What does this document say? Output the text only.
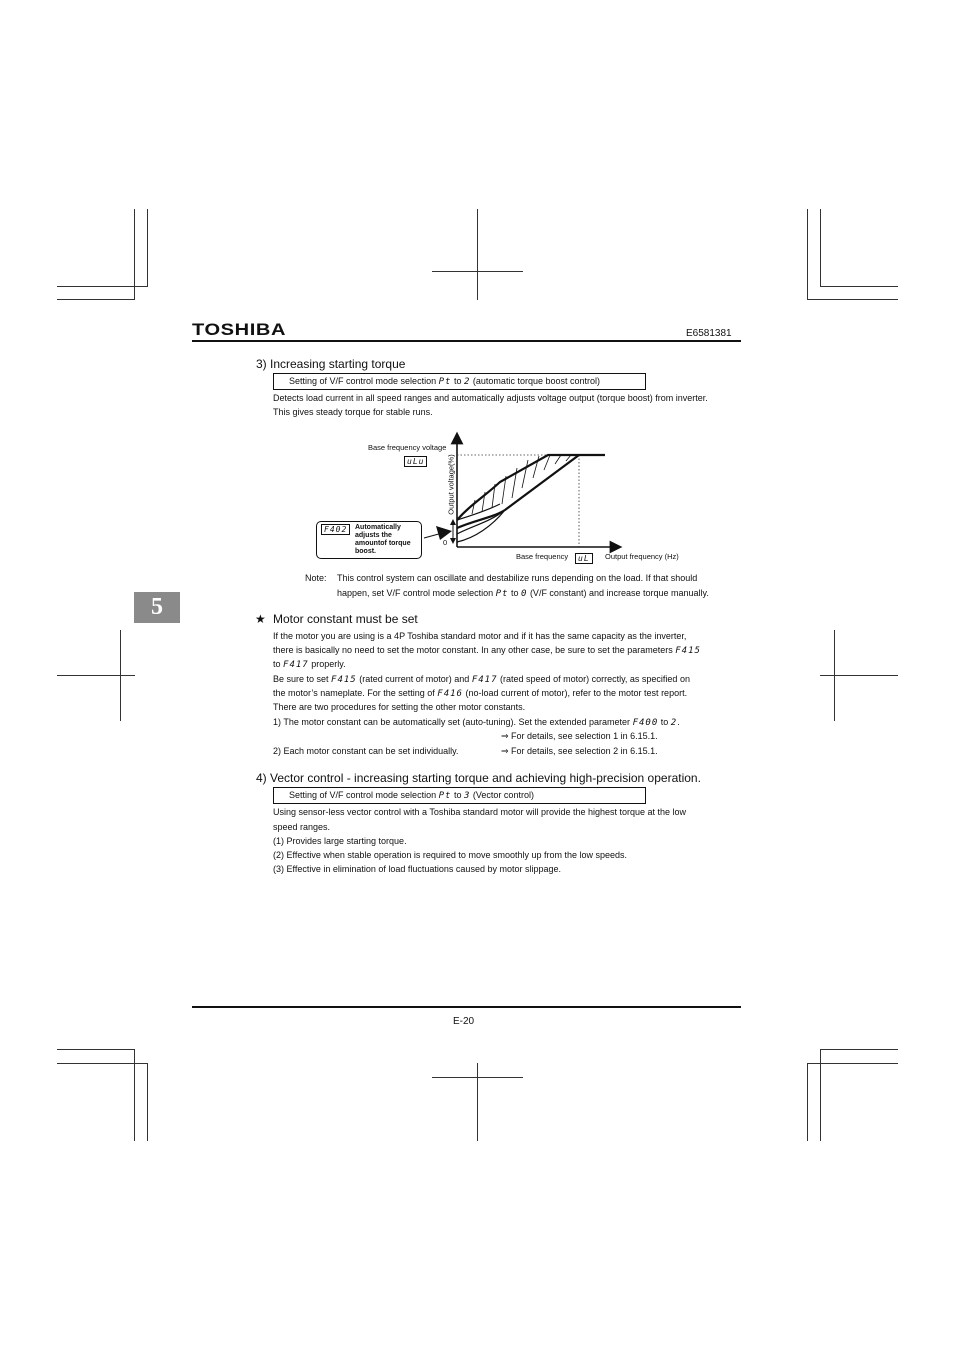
TOSHIBA	E6581381
5
3) Increasing starting torque
Setting of V/F control mode selection Pt to 2 (automatic torque boost control)
Detects load current in all speed ranges and automatically adjusts voltage output (torque boost) from inverter.
This gives steady torque for stable runs.
Base frequency voltage
uLu	Output voltage(%)
0
Base frequency	uL	Output frequency (Hz)
F402	Automatically
adjusts the
amountof torque
boost.
Note: This control system can oscillate and destabilize runs depending on the load. If that should
happen, set V/F control mode selection Pt to 0 (V/F constant) and increase torque manually.
★ Motor constant must be set
If the motor you are using is a 4P Toshiba standard motor and if it has the same capacity as the inverter,
there is basically no need to set the motor constant. In any other case, be sure to set the parameters F415
to F417 properly.
Be sure to set F415 (rated current of motor) and F417 (rated speed of motor) correctly, as specified on
the motor’s nameplate. For the setting of F416 (no-load current of motor), refer to the motor test report.
There are two procedures for setting the other motor constants.
1) The motor constant can be automatically set (auto-tuning). Set the extended parameter F400 to 2.
⇒ For details, see selection 1 in 6.15.1.
2) Each motor constant can be set individually.	⇒ For details, see selection 2 in 6.15.1.
4) Vector control - increasing starting torque and achieving high-precision operation.
Setting of V/F control mode selection Pt to 3 (Vector control)
Using sensor-less vector control with a Toshiba standard motor will provide the highest torque at the low
speed ranges.
(1) Provides large starting torque.
(2) Effective when stable operation is required to move smoothly up from the low speeds.
(3) Effective in elimination of load fluctuations caused by motor slippage.
E-20
